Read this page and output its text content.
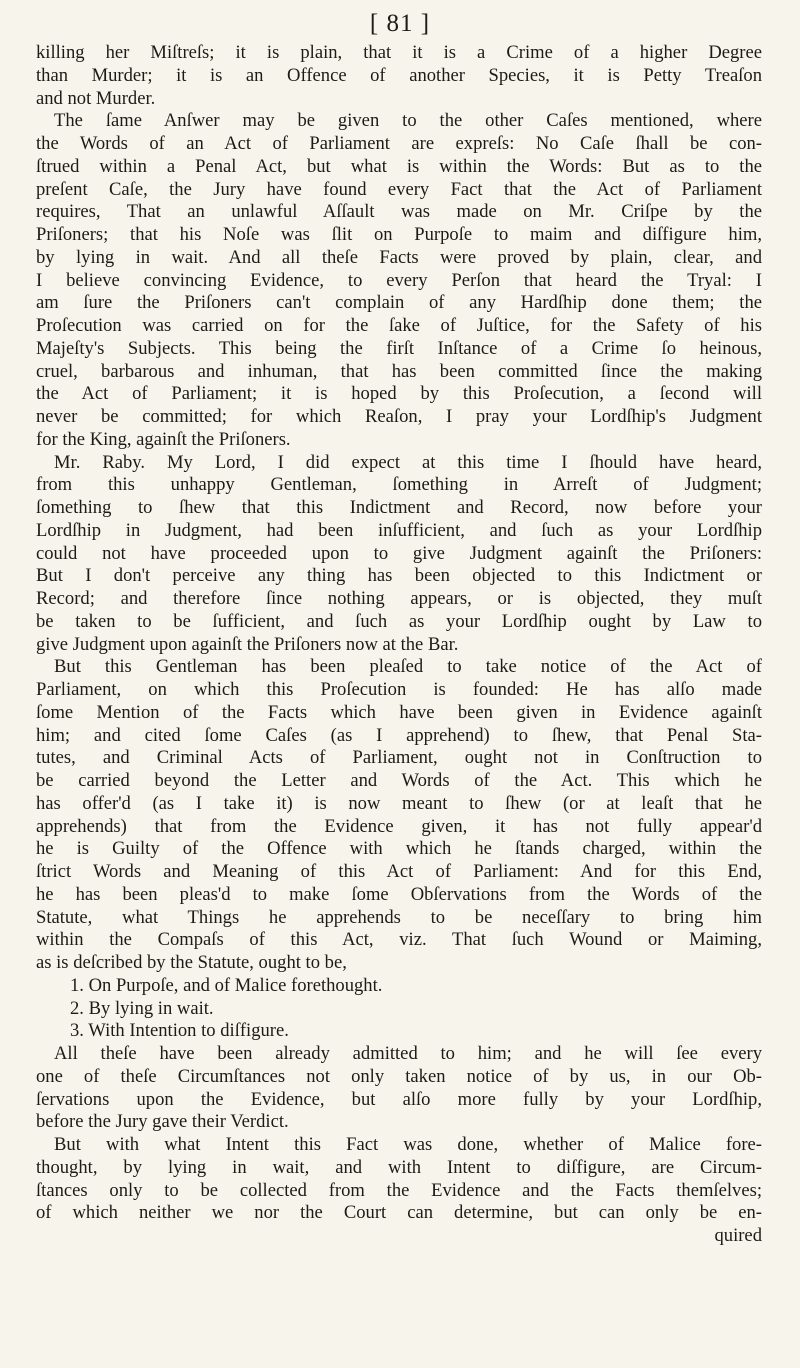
[ 81 ]
killing her Miſtreſs; it is plain, that it is a Crime of a higher Degree
than Murder; it is an Offence of another Species, it is Petty Treaſon
and not Murder.
The ſame Anſwer may be given to the other Caſes mentioned, where
the Words of an Act of Parliament are expreſs: No Caſe ſhall be con-
ſtrued within a Penal Act, but what is within the Words: But as to the
preſent Caſe, the Jury have found every Fact that the Act of Parliament
requires, That an unlawful Aſſault was made on Mr. Criſpe by the
Priſoners; that his Noſe was ſlit on Purpoſe to maim and diſfigure him,
by lying in wait. And all theſe Facts were proved by plain, clear, and
I believe convincing Evidence, to every Perſon that heard the Tryal: I
am ſure the Priſoners can't complain of any Hardſhip done them; the
Proſecution was carried on for the ſake of Juſtice, for the Safety of his
Majeſty's Subjects. This being the firſt Inſtance of a Crime ſo heinous,
cruel, barbarous and inhuman, that has been committed ſince the making
the Act of Parliament; it is hoped by this Proſecution, a ſecond will
never be committed; for which Reaſon, I pray your Lordſhip's Judgment
for the King, againſt the Priſoners.
Mr. Raby. My Lord, I did expect at this time I ſhould have heard,
from this unhappy Gentleman, ſomething in Arreſt of Judgment;
ſomething to ſhew that this Indictment and Record, now before your
Lordſhip in Judgment, had been inſufficient, and ſuch as your Lordſhip
could not have proceeded upon to give Judgment againſt the Priſoners:
But I don't perceive any thing has been objected to this Indictment or
Record; and therefore ſince nothing appears, or is objected, they muſt
be taken to be ſufficient, and ſuch as your Lordſhip ought by Law to
give Judgment upon againſt the Priſoners now at the Bar.
But this Gentleman has been pleaſed to take notice of the Act of
Parliament, on which this Proſecution is founded: He has alſo made
ſome Mention of the Facts which have been given in Evidence againſt
him; and cited ſome Caſes (as I apprehend) to ſhew, that Penal Sta-
tutes, and Criminal Acts of Parliament, ought not in Conſtruction to
be carried beyond the Letter and Words of the Act. This which he
has offer'd (as I take it) is now meant to ſhew (or at leaſt that he
apprehends) that from the Evidence given, it has not fully appear'd
he is Guilty of the Offence with which he ſtands charged, within the
ſtrict Words and Meaning of this Act of Parliament: And for this End,
he has been pleas'd to make ſome Obſervations from the Words of the
Statute, what Things he apprehends to be neceſſary to bring him
within the Compaſs of this Act, viz. That ſuch Wound or Maiming,
as is deſcribed by the Statute, ought to be,
1. On Purpoſe, and of Malice forethought.
2. By lying in wait.
3. With Intention to diſfigure.
All theſe have been already admitted to him; and he will ſee every
one of theſe Circumſtances not only taken notice of by us, in our Ob-
ſervations upon the Evidence, but alſo more fully by your Lordſhip,
before the Jury gave their Verdict.
But with what Intent this Fact was done, whether of Malice fore-
thought, by lying in wait, and with Intent to diſfigure, are Circum-
ſtances only to be collected from the Evidence and the Facts themſelves;
of which neither we nor the Court can determine, but can only be en-
quired
